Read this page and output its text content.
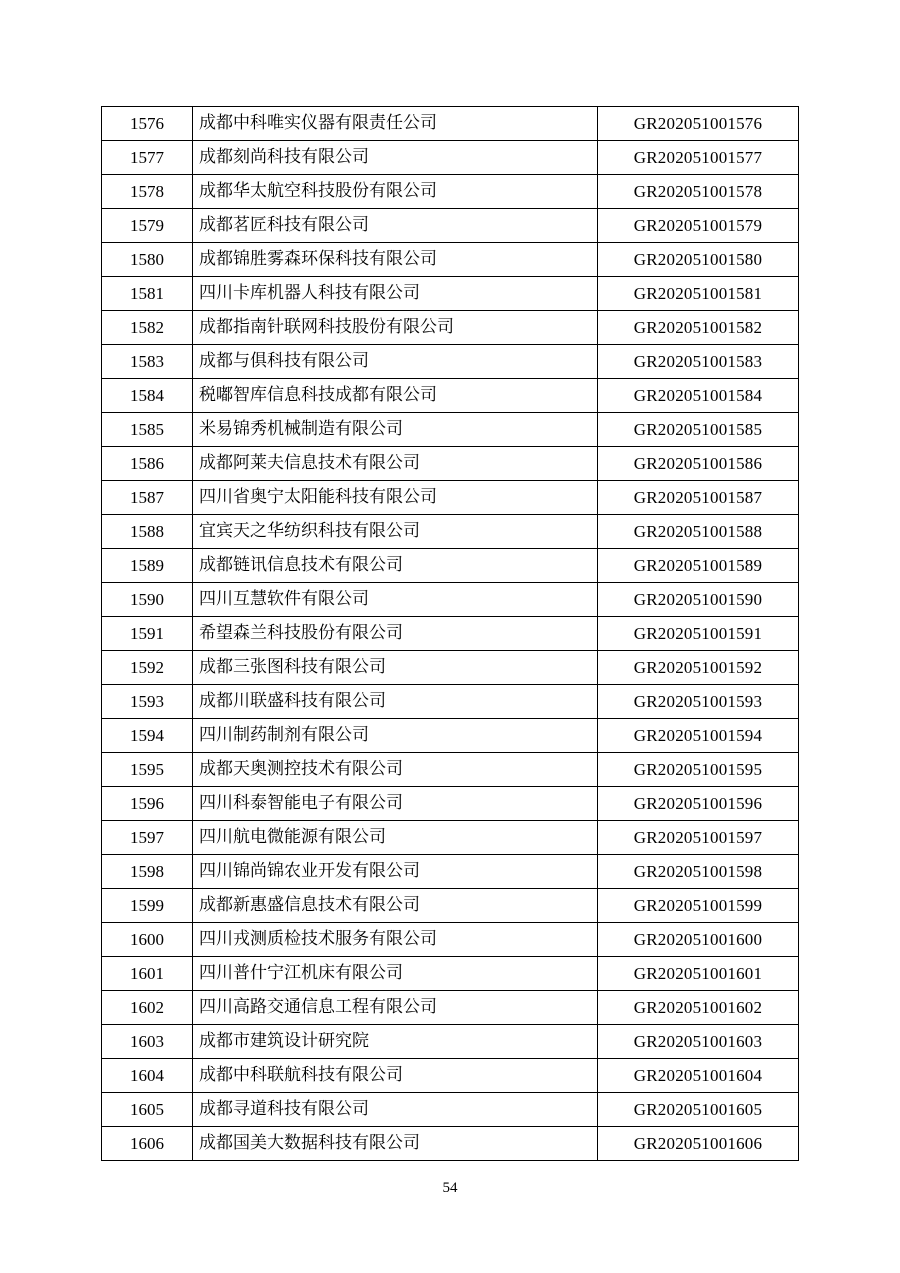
1576	成都中科唯实仪器有限责任公司	GR202051001576
1577	成都刻尚科技有限公司	GR202051001577
1578	成都华太航空科技股份有限公司	GR202051001578
1579	成都茗匠科技有限公司	GR202051001579
1580	成都锦胜雾森环保科技有限公司	GR202051001580
1581	四川卡库机器人科技有限公司	GR202051001581
1582	成都指南针联网科技股份有限公司	GR202051001582
1583	成都与俱科技有限公司	GR202051001583
1584	税嘟智库信息科技成都有限公司	GR202051001584
1585	米易锦秀机械制造有限公司	GR202051001585
1586	成都阿莱夫信息技术有限公司	GR202051001586
1587	四川省奥宁太阳能科技有限公司	GR202051001587
1588	宜宾天之华纺织科技有限公司	GR202051001588
1589	成都链讯信息技术有限公司	GR202051001589
1590	四川互慧软件有限公司	GR202051001590
1591	希望森兰科技股份有限公司	GR202051001591
1592	成都三张图科技有限公司	GR202051001592
1593	成都川联盛科技有限公司	GR202051001593
1594	四川制药制剂有限公司	GR202051001594
1595	成都天奥测控技术有限公司	GR202051001595
1596	四川科泰智能电子有限公司	GR202051001596
1597	四川航电微能源有限公司	GR202051001597
1598	四川锦尚锦农业开发有限公司	GR202051001598
1599	成都新惠盛信息技术有限公司	GR202051001599
1600	四川戎测质检技术服务有限公司	GR202051001600
1601	四川普什宁江机床有限公司	GR202051001601
1602	四川高路交通信息工程有限公司	GR202051001602
1603	成都市建筑设计研究院	GR202051001603
1604	成都中科联航科技有限公司	GR202051001604
1605	成都寻道科技有限公司	GR202051001605
1606	成都国美大数据科技有限公司	GR202051001606
54
